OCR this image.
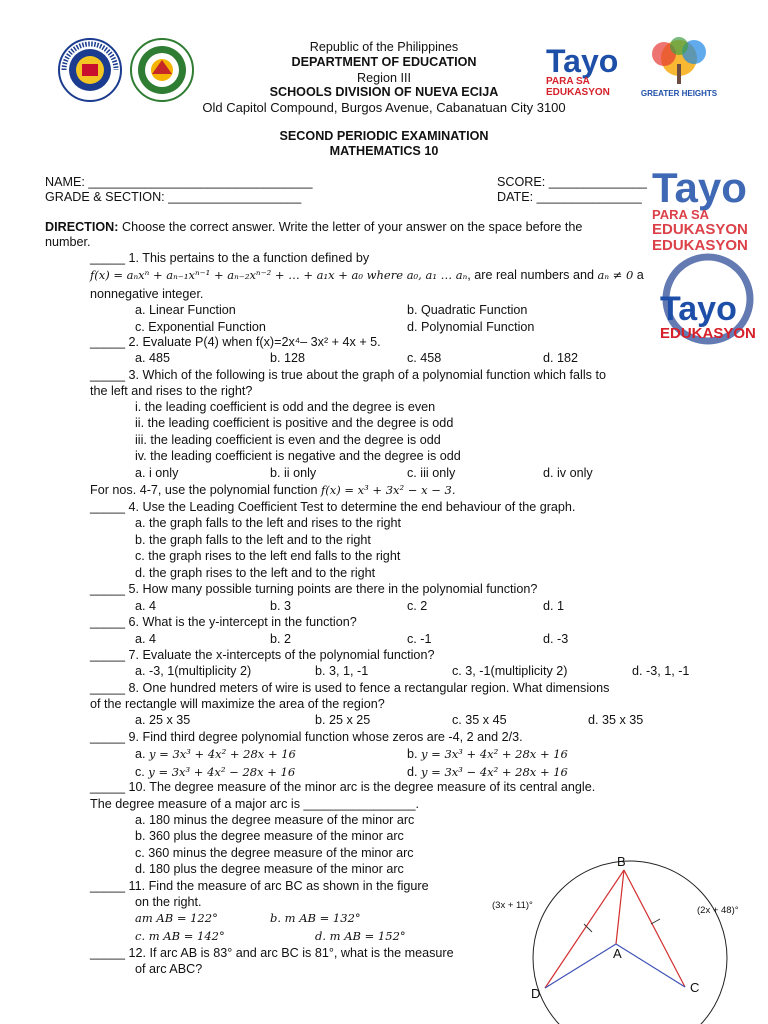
Tayo
PARA SA EDUKASYON	GREATER HEIGHTS
Republic of the Philippines
DEPARTMENT OF EDUCATION
Region III
SCHOOLS DIVISION OF NUEVA ECIJA
Old Capitol Compound, Burgos Avenue, Cabanatuan City 3100
SECOND PERIODIC EXAMINATION
MATHEMATICS 10
NAME: ________________________________	SCORE: ______________
GRADE & SECTION: ___________________	DATE: _______________
DIRECTION: Choose the correct answer. Write the letter of your answer on the space before the
number.
_____ 1. This pertains to the a function defined by
f(x) = aₙxⁿ + aₙ₋₁xⁿ⁻¹ + aₙ₋₂xⁿ⁻² + … + a₁x + a₀ where a₀, a₁ … aₙ, are real numbers and aₙ ≠ 0 a
nonnegative integer.
a. Linear Function	b. Quadratic Function
c. Exponential Function	d. Polynomial Function
_____ 2. Evaluate P(4) when f(x)=2x⁴– 3x² + 4x + 5.
a. 485	b. 128	c. 458	d. 182
_____ 3. Which of the following is true about the graph of a polynomial function which falls to
the left and rises to the right?
i. the leading coefficient is odd and the degree is even
ii. the leading coefficient is positive and the degree is odd
iii. the leading coefficient is even and the degree is odd
iv. the leading coefficient is negative and the degree is odd
a. i only	b. ii only	c. iii only	d. iv only
For nos. 4-7, use the polynomial function f(x) = x³ + 3x² − x − 3.
_____ 4. Use the Leading Coefficient Test to determine the end behaviour of the graph.
a. the graph falls to the left and rises to the right
b. the graph falls to the left and to the right
c. the graph rises to the left end falls to the right
d. the graph rises to the left and to the right
_____ 5. How many possible turning points are there in the polynomial function?
a. 4	b. 3	c. 2	d. 1
_____ 6. What is the y-intercept in the function?
a. 4	b. 2	c. -1	d. -3
_____ 7. Evaluate the x-intercepts of the polynomial function?
a. -3, 1(multiplicity 2)	b. 3, 1, -1	c. 3, -1(multiplicity 2)	d. -3, 1, -1
_____ 8. One hundred meters of wire is used to fence a rectangular region. What dimensions
of the rectangle will maximize the area of the region?
a. 25 x 35	b. 25 x 25	c. 35 x 45	d. 35 x 35
_____ 9. Find third degree polynomial function whose zeros are -4, 2 and 2/3.
a. y = 3x³ + 4x² + 28x + 16	b. y = 3x³ + 4x² + 28x + 16
c. y = 3x³ + 4x² − 28x + 16	d. y = 3x³ − 4x² + 28x + 16
_____ 10. The degree measure of the minor arc is the degree measure of its central angle.
The degree measure of a major arc is ________________.
a. 180 minus the degree measure of the minor arc
b. 360 plus the degree measure of the minor arc
c. 360 minus the degree measure of the minor arc
d. 180 plus the degree measure of the minor arc
_____ 11. Find the measure of arc BC as shown in the figure
on the right.
am AB = 122°	b. m AB = 132°
c. m AB = 142°	d. m AB = 152°
_____ 12. If arc AB is 83° and arc BC is 81°, what is the measure
of arc ABC?
Tayo
PARA SA
EDUKASYON
EDUKASYON
Tayo
EDUKASYON
B
A
C
D
(3x + 11)°	(2x + 48)°
